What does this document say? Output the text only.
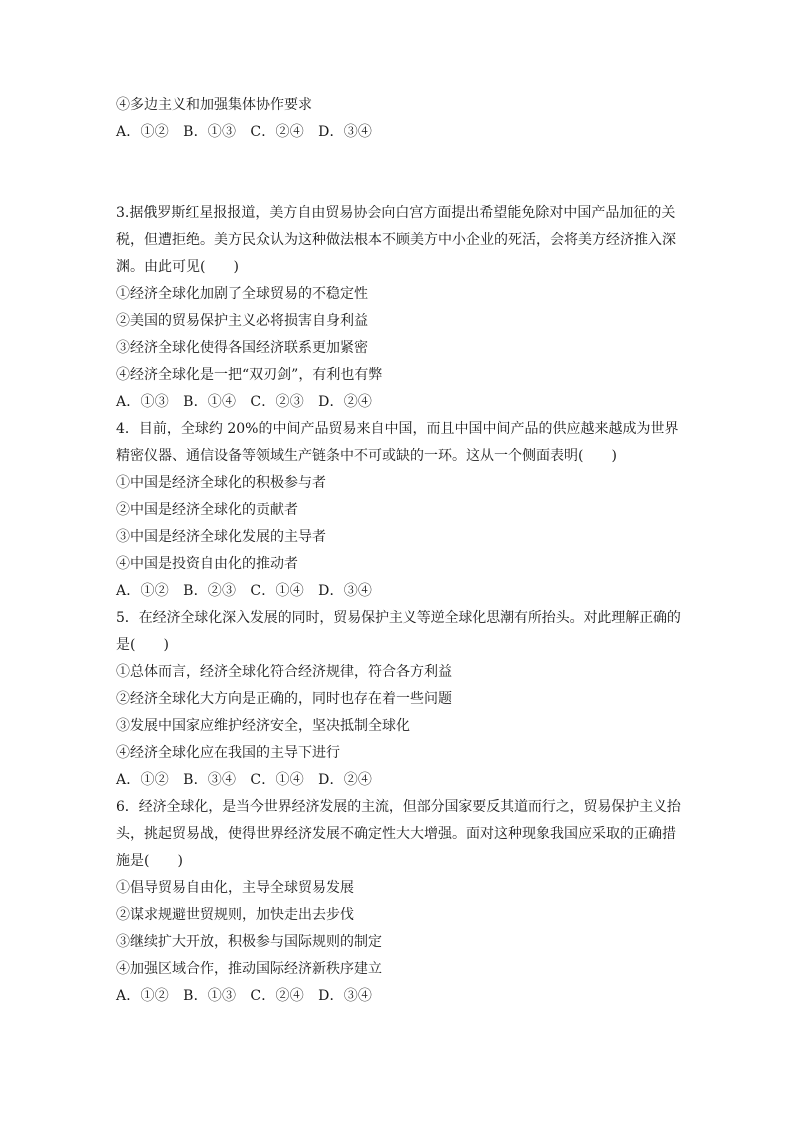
④多边主义和加强集体协作要求

A．①②　B．①③　C．②④　D．③④

3.据俄罗斯红星报报道，美方自由贸易协会向白宫方面提出希望能免除对中国产品加征的关

税，但遭拒绝。美方民众认为这种做法根本不顾美方中小企业的死活，会将美方经济推入深

渊。由此可见(　　)

①经济全球化加剧了全球贸易的不稳定性

②美国的贸易保护主义必将损害自身利益

③经济全球化使得各国经济联系更加紧密

④经济全球化是一把“双刃剑”，有利也有弊

A．①③　B．①④　C．②③　D．②④

4．目前，全球约 20%的中间产品贸易来自中国，而且中国中间产品的供应越来越成为世界

精密仪器、通信设备等领域生产链条中不可或缺的一环。这从一个侧面表明(　　)

①中国是经济全球化的积极参与者

②中国是经济全球化的贡献者

③中国是经济全球化发展的主导者

④中国是投资自由化的推动者

A．①②　B．②③　C．①④　D．③④

5．在经济全球化深入发展的同时，贸易保护主义等逆全球化思潮有所抬头。对此理解正确的

是(　　)

①总体而言，经济全球化符合经济规律，符合各方利益

②经济全球化大方向是正确的，同时也存在着一些问题

③发展中国家应维护经济安全，坚决抵制全球化

④经济全球化应在我国的主导下进行

A．①②　B．③④　C．①④　D．②④

6．经济全球化，是当今世界经济发展的主流，但部分国家要反其道而行之，贸易保护主义抬

头，挑起贸易战，使得世界经济发展不确定性大大增强。面对这种现象我国应采取的正确措

施是(　　)

①倡导贸易自由化，主导全球贸易发展

②谋求规避世贸规则，加快走出去步伐

③继续扩大开放，积极参与国际规则的制定

④加强区域合作，推动国际经济新秩序建立

A．①②　B．①③　C．②④　D．③④
